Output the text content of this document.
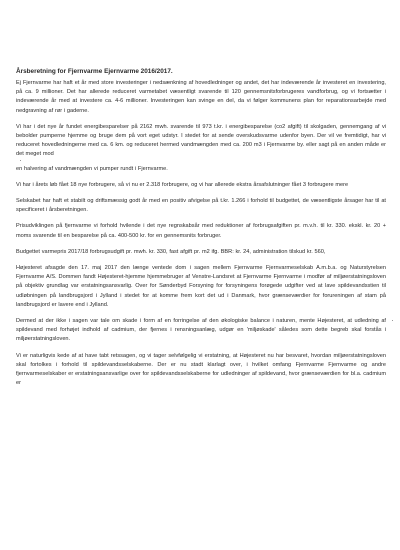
Årsberetning for Fjernvarme Ejernvarme 2016/2017.

Ej Fjernvarme har haft et år med store investeringer i nedsænkning af hovedledninger og andet, det har indeværende år investeret en investering, på ca. 9 millioner. Det har allerede reduceret varmetabet væsentligt svarende til 120 gennemsnitsforbrugeres vandforbrug, og vi fortsætter i indeværende år med at investere ca. 4-6 millioner. Investeringen kan svinge en del, da vi følger kommunens plan for reparationsarbejde med nedgravning af rør i gaderne.

Vi har i det nye år fundet energibesparelser på 2162 mwh. svarende til 973 t.kr. i energibesparelse (co2 afgift) til skolgaden, gennemgang af vi bebolder pumperne hjemme og bruge dem på vort eget udstyr. I stedet for at sende overskudsvarme udenfor byen. Der vil ve fremtidigt, har vi reduceret hovedledningerne med ca. 6 km. og reduceret hermed vandmængden med ca. 200 m3 i Fjernvarme by. eller sagt på en anden måde er det meget mod

en halvering af vandmængden vi pumper rundt i Fjernvarme.

Vi har i årets løb fået 18 nye forbrugere, så vi nu er 2.318 forbrugere, og vi har allerede ekstra årsafslutninger fået 3 forbrugere mere

Selskabet har haft et stabilt og driftsmæssig godt år med en positiv afvigelse på t.kr. 1.266 i forhold til budgettet, de væsentligste årsager har til at specificeret i årsberetningen.

Prisudviklingen på fjernvarme vi forhold hvilende i det nye regnskabsår med reduktioner af forbrugsafgiften pr. m.v.h. til kr. 330. ekskl. kr. 20 + moms svarende til en besparelse på ca. 400-500 kr. for en gennemsnits forbruger.

Budgettet varmepris 2017/18 forbrugsudgift pr. mwh. kr. 330, fast afgift pr. m2 ifg. BBR: kr. 24, administration tilskud kr. 560,

Højesteret afsagde den 17. maj 2017 den længe ventede dom i sagen mellem Fjernvarme Fjernvarmeselskab A.m.b.a. og Naturstyrelsen Fjernvarme A/S. Dommen fandt Højesteret-hjemme hjemmebruger af Venstre-Landsret at Fjernvarme Fjernvarme i modfør af miljøerstatningsloven på objektiv grundlag var erstatningsansvarlig. Over for Sønderbyd Forsyning for forsyningens forøgede udgifter ved at lave spildevandsstien til udløbningen på landbrugsjord i Jylland i stedet for at komme frem kort det ud i Danmark, hvor grænseværdier for forureningen af stam på landbrugsjord er lavere end i Jylland.

Dermed at der ikke i sagen var tale om skade i form af en forringelse af den økologiske balance i naturen, mente Højesteret, at udledning af spildevand med forhøjet indhold af cadmium, der fjernes i rensningsanlæg, udgør en 'miljøskade' således som dette begreb skal forstås i miljøerstatningsloven.

Vi er naturligvis kede af at have tabt retssagen, og vi tager selvfølgelig vi erstatning, at Højesteret nu har besvaret, hvordan miljøerstatningsloven skal fortolkes i forhold til spildevandsselskaberne. Der er nu stadt klarlagt over, i hvilket omfang Fjernvarme Fjernvarme og andre fjernvarmeselskaber er erstatningsansvarlige over for spildevandsselskaberne for udledninger af spildevand, hvor grænseværdien for bl.a. cadmium er
